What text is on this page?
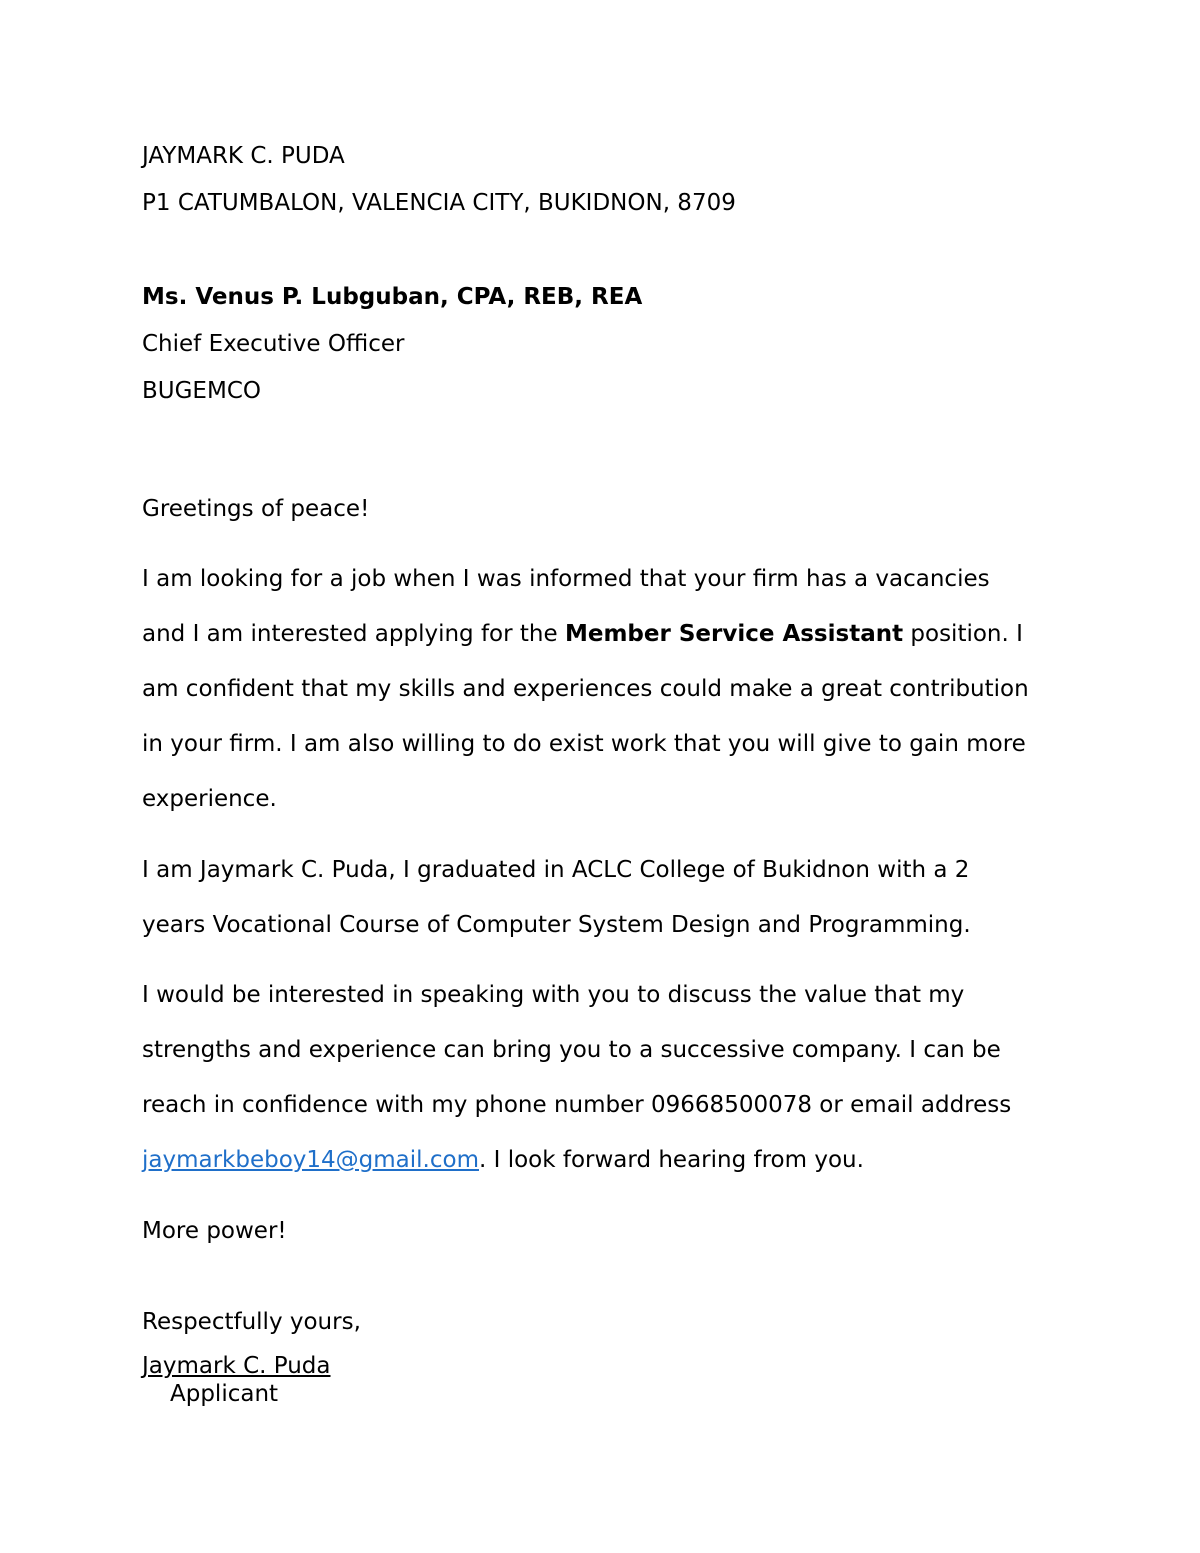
JAYMARK C. PUDA

P1 CATUMBALON, VALENCIA CITY, BUKIDNON, 8709

Ms. Venus P. Lubguban, CPA, REB, REA

Chief Executive Officer

BUGEMCO

Greetings of peace!

I am looking for a job when I was informed that your firm has a vacancies

and I am interested applying for the Member Service Assistant position. I

am confident that my skills and experiences could make a great contribution

in your firm. I am also willing to do exist work that you will give to gain more

experience.

I am Jaymark C. Puda, I graduated in ACLC College of Bukidnon with a 2

years Vocational Course of Computer System Design and Programming.

I would be interested in speaking with you to discuss the value that my

strengths and experience can bring you to a successive company. I can be

reach in confidence with my phone number 09668500078 or email address

jaymarkbeboy14@gmail.com. I look forward hearing from you.

More power!

Respectfully yours,

Jaymark C. Puda

Applicant
